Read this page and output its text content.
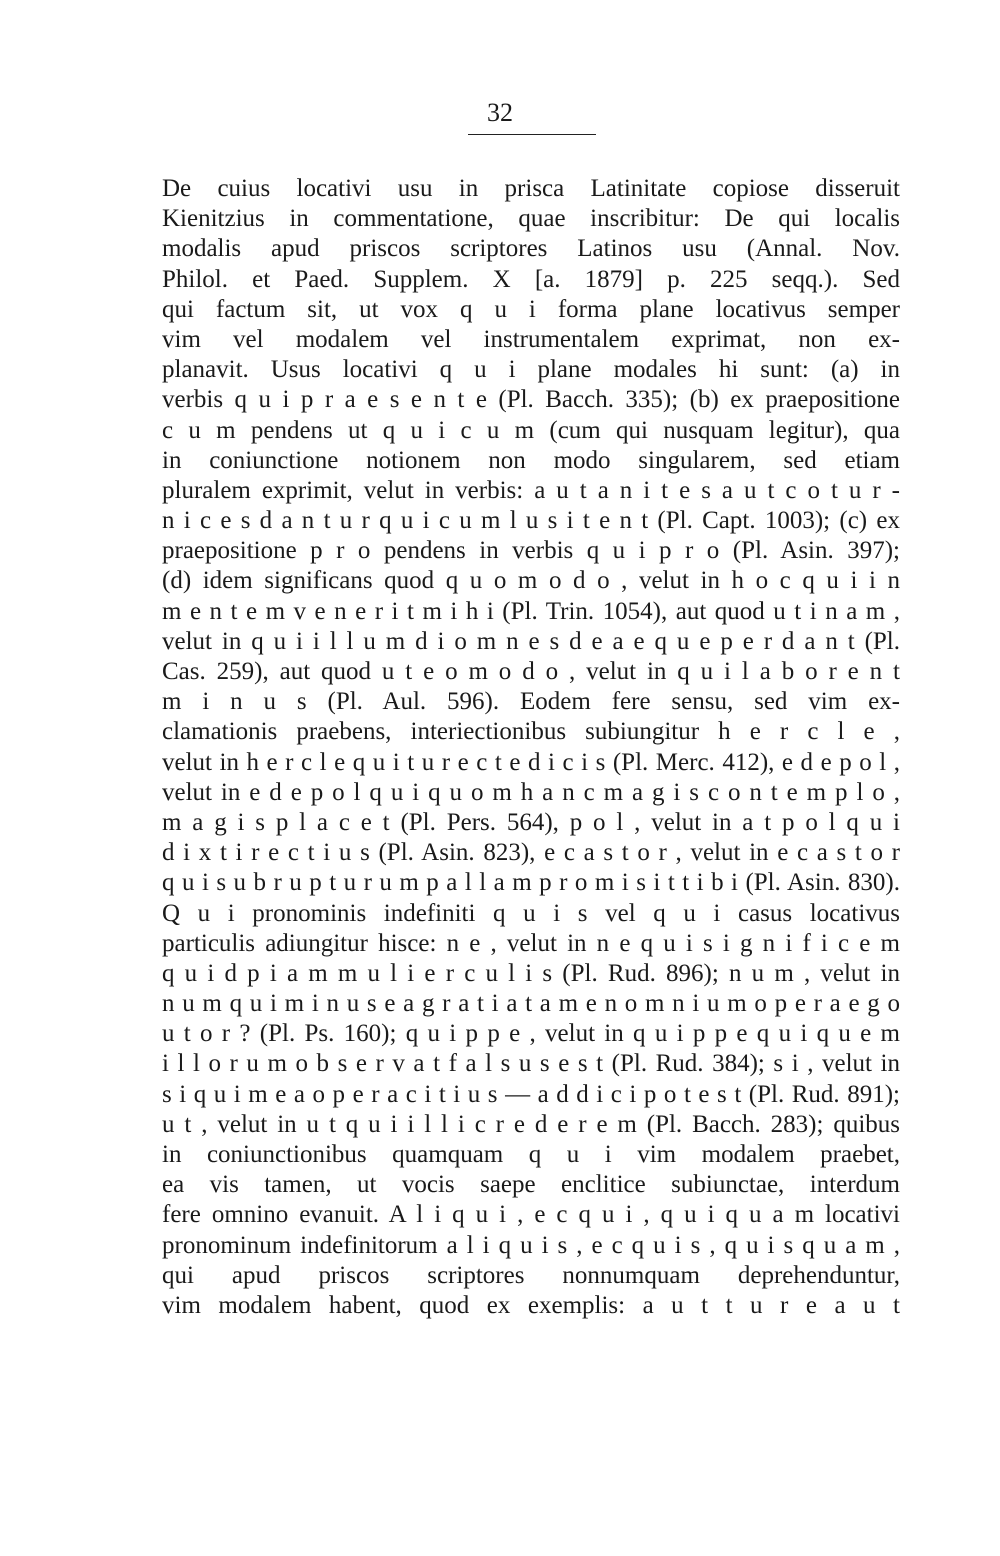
32
De cuius locativi usu in prisca Latinitate copiose disseruit
Kienitzius in commentatione, quae inscribitur: De qui localis
modalis apud priscos scriptores Latinos usu (Annal. Nov.
Philol. et Paed. Supplem. X [a. 1879] p. 225 seqq.). Sed
qui factum sit, ut vox q u i forma plane locativus semper
vim vel modalem vel instrumentalem exprimat, non ex-
planavit. Usus locativi q u i plane modales hi sunt: (a) in
verbis q u i p r a e s e n t e (Pl. Bacch. 335); (b) ex praepositione
c u m pendens ut q u i c u m (cum qui nusquam legitur), qua
in coniunctione notionem non modo singularem, sed etiam
pluralem exprimit, velut in verbis: a u t a n i t e s a u t c o t u r -
n i c e s d a n t u r q u i c u m l u s i t e n t (Pl. Capt. 1003); (c) ex
praepositione p r o pendens in verbis q u i p r o (Pl. Asin. 397);
(d) idem significans quod q u o m o d o , velut in h o c q u i i n
m e n t e m v e n e r i t m i h i (Pl. Trin. 1054), aut quod u t i n a m ,
velut in q u i i l l u m d i o m n e s d e a e q u e p e r d a n t (Pl.
Cas. 259), aut quod u t e o m o d o , velut in q u i l a b o r e n t
m i n u s (Pl. Aul. 596). Eodem fere sensu, sed vim ex-
clamationis praebens, interiectionibus subiungitur h e r c l e ,
velut in h e r c l e q u i t u r e c t e d i c i s (Pl. Merc. 412), e d e p o l ,
velut in e d e p o l q u i q u o m h a n c m a g i s c o n t e m p l o ,
m a g i s p l a c e t (Pl. Pers. 564), p o l , velut in a t p o l q u i
d i x t i r e c t i u s (Pl. Asin. 823), e c a s t o r , velut in e c a s t o r
q u i s u b r u p t u r u m p a l l a m p r o m i s i t t i b i (Pl. Asin. 830).
Q u i pronominis indefiniti q u i s vel q u i casus locativus
particulis adiungitur hisce: n e , velut in n e q u i s i g n i f i c e m
q u i d p i a m m u l i e r c u l i s (Pl. Rud. 896); n u m , velut in
n u m q u i m i n u s e a g r a t i a t a m e n o m n i u m o p e r a e g o
u t o r ? (Pl. Ps. 160); q u i p p e , velut in q u i p p e q u i q u e m
i l l o r u m o b s e r v a t f a l s u s e s t (Pl. Rud. 384); s i , velut in
s i q u i m e a o p e r a c i t i u s — a d d i c i p o t e s t (Pl. Rud. 891);
u t , velut in u t q u i i l l i c r e d e r e m (Pl. Bacch. 283); quibus
in coniunctionibus quamquam q u i vim modalem praebet,
ea vis tamen, ut vocis saepe enclitice subiunctae, interdum
fere omnino evanuit. A l i q u i , e c q u i , q u i q u a m locativi
pronominum indefinitorum a l i q u i s , e c q u i s , q u i s q u a m ,
qui apud priscos scriptores nonnumquam deprehenduntur,
vim modalem habent, quod ex exemplis: a u t t u r e a u t
